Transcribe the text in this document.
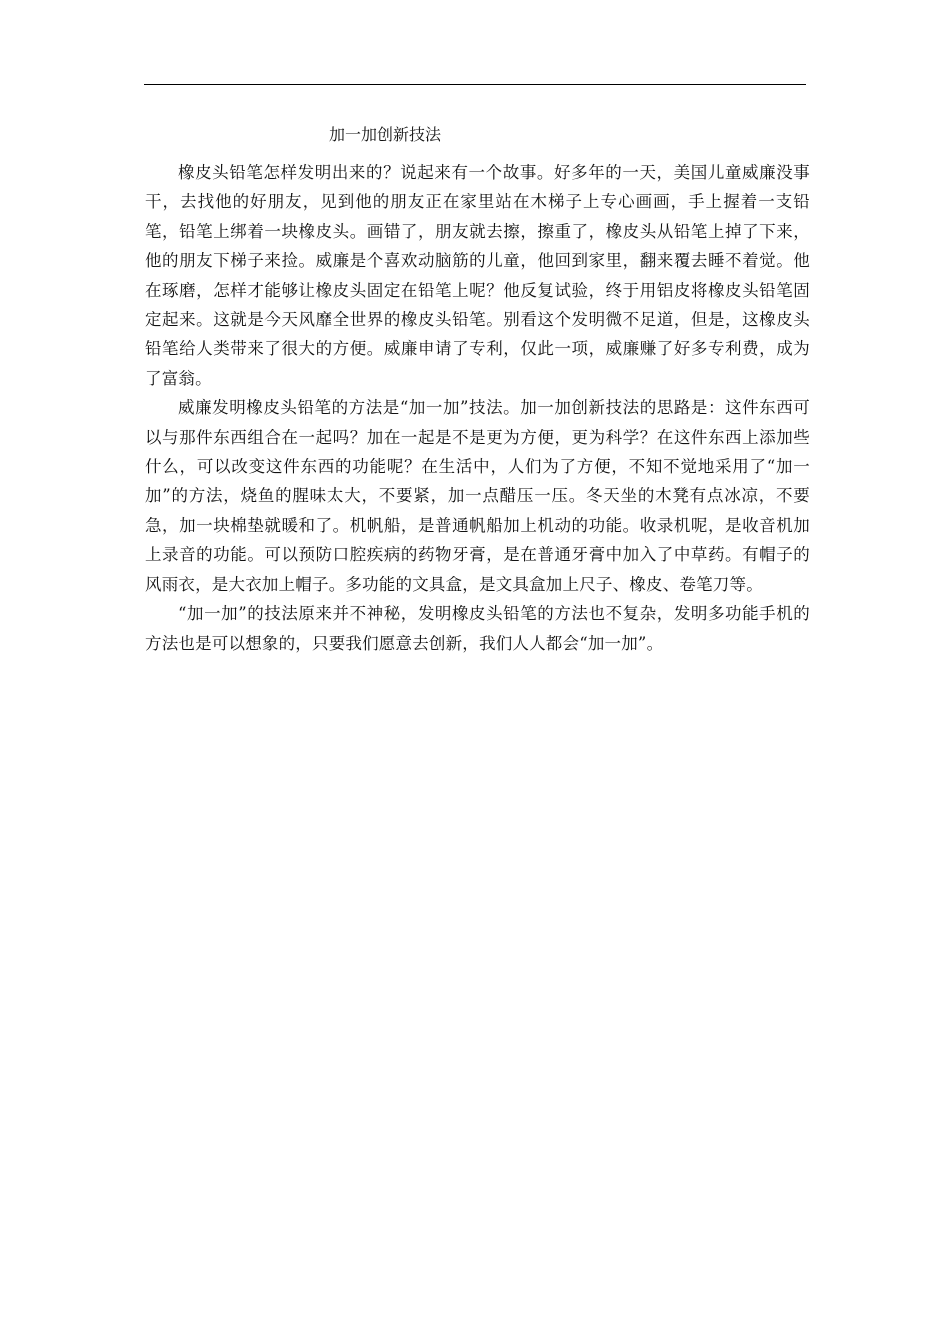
加一加创新技法

橡皮头铅笔怎样发明出来的？说起来有一个故事。好多年的一天，美国儿童威廉没事干，去找他的好朋友，见到他的朋友正在家里站在木梯子上专心画画，手上握着一支铅笔，铅笔上绑着一块橡皮头。画错了，朋友就去擦，擦重了，橡皮头从铅笔上掉了下来，他的朋友下梯子来捡。威廉是个喜欢动脑筋的儿童，他回到家里，翻来覆去睡不着觉。他在琢磨，怎样才能够让橡皮头固定在铅笔上呢？他反复试验，终于用铝皮将橡皮头铅笔固定起来。这就是今天风靡全世界的橡皮头铅笔。别看这个发明微不足道，但是，这橡皮头铅笔给人类带来了很大的方便。威廉申请了专利，仅此一项，威廉赚了好多专利费，成为了富翁。

威廉发明橡皮头铅笔的方法是“加一加”技法。加一加创新技法的思路是：这件东西可以与那件东西组合在一起吗？加在一起是不是更为方便，更为科学？在这件东西上添加些什么，可以改变这件东西的功能呢？在生活中，人们为了方便，不知不觉地采用了“加一加”的方法，烧鱼的腥味太大，不要紧，加一点醋压一压。冬天坐的木凳有点冰凉，不要急，加一块棉垫就暖和了。机帆船，是普通帆船加上机动的功能。收录机呢，是收音机加上录音的功能。可以预防口腔疾病的药物牙膏，是在普通牙膏中加入了中草药。有帽子的风雨衣，是大衣加上帽子。多功能的文具盒，是文具盒加上尺子、橡皮、卷笔刀等。

“加一加”的技法原来并不神秘，发明橡皮头铅笔的方法也不复杂，发明多功能手机的方法也是可以想象的，只要我们愿意去创新，我们人人都会“加一加”。
